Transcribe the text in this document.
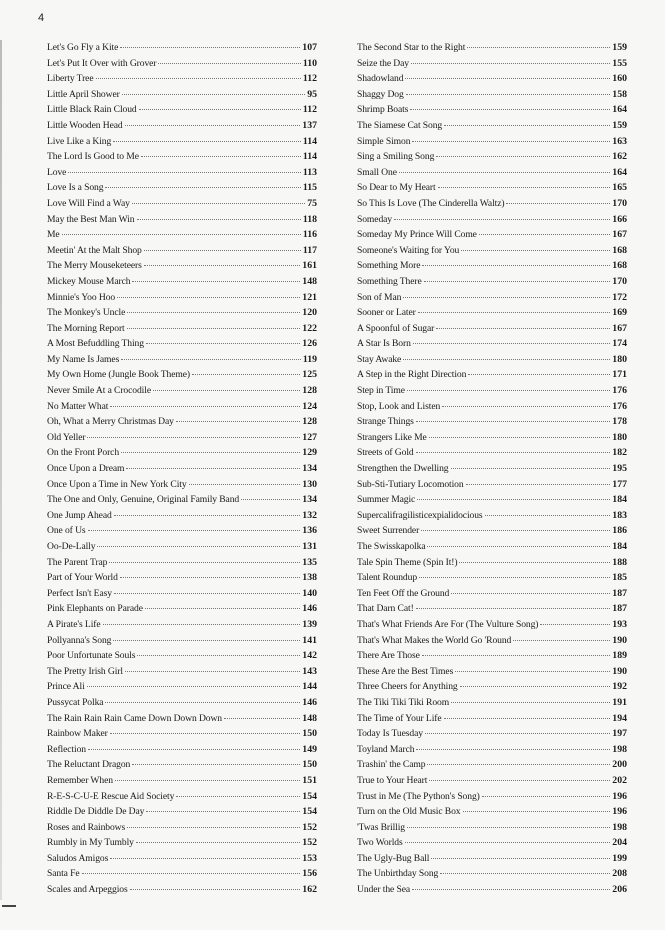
4
Let's Go Fly a Kite	107
Let's Put It Over with Grover	110
Liberty Tree	112
Little April Shower	95
Little Black Rain Cloud	112
Little Wooden Head	137
Live Like a King	114
The Lord Is Good to Me	114
Love	113
Love Is a Song	115
Love Will Find a Way	75
May the Best Man Win	118
Me	116
Meetin' At the Malt Shop	117
The Merry Mouseketeers	161
Mickey Mouse March	148
Minnie's Yoo Hoo	121
The Monkey's Uncle	120
The Morning Report	122
A Most Befuddling Thing	126
My Name Is James	119
My Own Home (Jungle Book Theme)	125
Never Smile At a Crocodile	128
No Matter What	124
Oh, What a Merry Christmas Day	128
Old Yeller	127
On the Front Porch	129
Once Upon a Dream	134
Once Upon a Time in New York City	130
The One and Only, Genuine, Original Family Band	134
One Jump Ahead	132
One of Us	136
Oo-De-Lally	131
The Parent Trap	135
Part of Your World	138
Perfect Isn't Easy	140
Pink Elephants on Parade	146
A Pirate's Life	139
Pollyanna's Song	141
Poor Unfortunate Souls	142
The Pretty Irish Girl	143
Prince Ali	144
Pussycat Polka	146
The Rain Rain Rain Came Down Down Down	148
Rainbow Maker	150
Reflection	149
The Reluctant Dragon	150
Remember When	151
R-E-S-C-U-E Rescue Aid Society	154
Riddle De Diddle De Day	154
Roses and Rainbows	152
Rumbly in My Tumbly	152
Saludos Amigos	153
Santa Fe	156
Scales and Arpeggios	162
The Second Star to the Right	159
Seize the Day	155
Shadowland	160
Shaggy Dog	158
Shrimp Boats	164
The Siamese Cat Song	159
Simple Simon	163
Sing a Smiling Song	162
Small One	164
So Dear to My Heart	165
So This Is Love (The Cinderella Waltz)	170
Someday	166
Someday My Prince Will Come	167
Someone's Waiting for You	168
Something More	168
Something There	170
Son of Man	172
Sooner or Later	169
A Spoonful of Sugar	167
A Star Is Born	174
Stay Awake	180
A Step in the Right Direction	171
Step in Time	176
Stop, Look and Listen	176
Strange Things	178
Strangers Like Me	180
Streets of Gold	182
Strengthen the Dwelling	195
Sub-Sti-Tutiary Locomotion	177
Summer Magic	184
Supercalifragilisticexpialidocious	183
Sweet Surrender	186
The Swisskapolka	184
Tale Spin Theme (Spin It!)	188
Talent Roundup	185
Ten Feet Off the Ground	187
That Darn Cat!	187
That's What Friends Are For (The Vulture Song)	193
That's What Makes the World Go 'Round	190
There Are Those	189
These Are the Best Times	190
Three Cheers for Anything	192
The Tiki Tiki Tiki Room	191
The Time of Your Life	194
Today Is Tuesday	197
Toyland March	198
Trashin' the Camp	200
True to Your Heart	202
Trust in Me (The Python's Song)	196
Turn on the Old Music Box	196
'Twas Brillig	198
Two Worlds	204
The Ugly-Bug Ball	199
The Unbirthday Song	208
Under the Sea	206
